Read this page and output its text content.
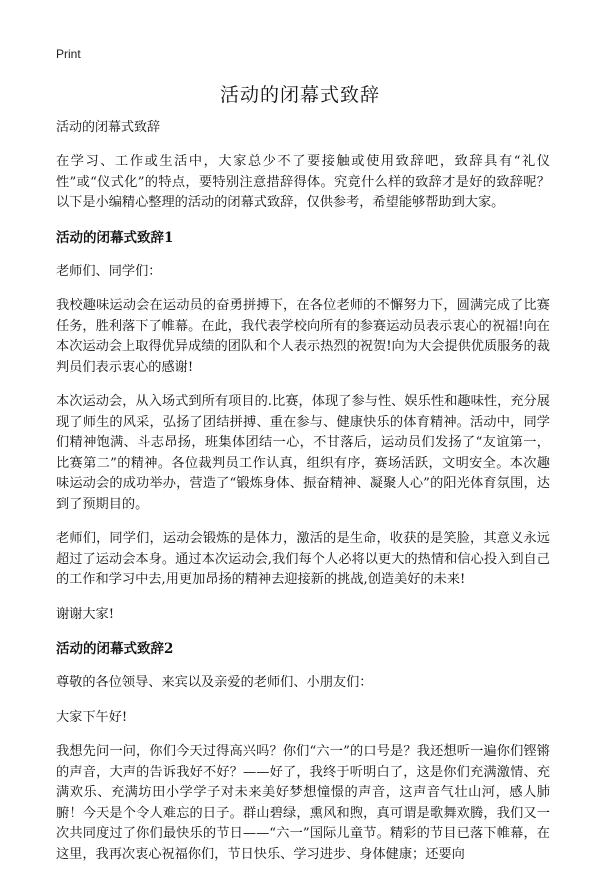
Print
活动的闭幕式致辞

活动的闭幕式致辞

在学习、工作或生活中，大家总少不了要接触或使用致辞吧，致辞具有“礼仪性”或“仪式化”的特点，要特别注意措辞得体。究竟什么样的致辞才是好的致辞呢？以下是小编精心整理的活动的闭幕式致辞，仅供参考，希望能够帮助到大家。

活动的闭幕式致辞1

老师们、同学们：

我校趣味运动会在运动员的奋勇拼搏下，在各位老师的不懈努力下，圆满完成了比赛任务，胜利落下了帷幕。在此，我代表学校向所有的参赛运动员表示衷心的祝福!向在本次运动会上取得优异成绩的团队和个人表示热烈的祝贺!向为大会提供优质服务的裁判员们表示衷心的感谢!

本次运动会，从入场式到所有项目的.比赛，体现了参与性、娱乐性和趣味性，充分展现了师生的风采，弘扬了团结拼搏、重在参与、健康快乐的体育精神。活动中，同学们精神饱满、斗志昂扬，班集体团结一心，不甘落后，运动员们发扬了“友谊第一，比赛第二”的精神。各位裁判员工作认真，组织有序，赛场活跃，文明安全。本次趣味运动会的成功举办，营造了“锻炼身体、振奋精神、凝聚人心”的阳光体育氛围，达到了预期目的。

老师们，同学们，运动会锻炼的是体力，激活的是生命，收获的是笑脸，其意义永远超过了运动会本身。通过本次运动会,我们每个人必将以更大的热情和信心投入到自己的工作和学习中去,用更加昂扬的精神去迎接新的挑战,创造美好的未来!

谢谢大家!

活动的闭幕式致辞2

尊敬的各位领导、来宾以及亲爱的老师们、小朋友们：

大家下午好!

我想先问一问，你们今天过得高兴吗？你们“六一”的口号是？我还想听一遍你们铿锵的声音，大声的告诉我好不好？——好了，我终于听明白了，这是你们充满激情、充满欢乐、充满坊田小学学子对未来美好梦想憧憬的声音，这声音气壮山河，感人肺腑！今天是个令人难忘的日子。群山碧绿，熏风和煦，真可谓是歌舞欢腾，我们又一次共同度过了你们最快乐的节日——“六一”国际儿童节。精彩的节目已落下帷幕，在这里，我再次衷心祝福你们，节日快乐、学习进步、身体健康；还要向
